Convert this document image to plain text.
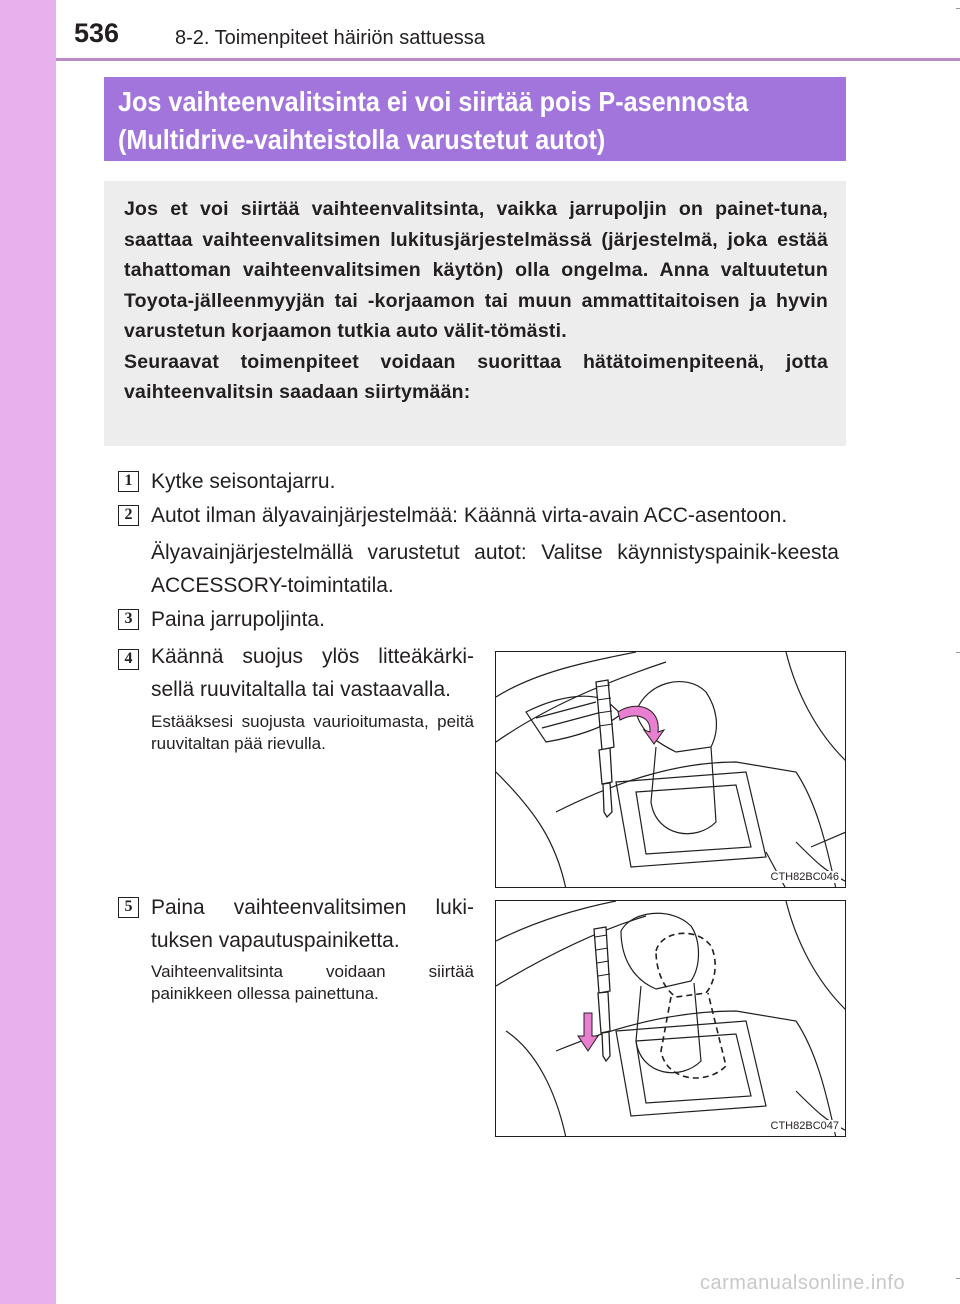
536	8-2. Toimenpiteet häiriön sattuessa
Jos vaihteenvalitsinta ei voi siirtää pois P-asennosta
(Multidrive-vaihteistolla varustetut autot)

Jos et voi siirtää vaihteenvalitsinta, vaikka jarrupoljin on painet-tuna, saattaa vaihteenvalitsimen lukitusjärjestelmässä (järjestelmä, joka estää tahattoman vaihteenvalitsimen käytön) olla ongelma. Anna valtuutetun Toyota-jälleenmyyjän tai -korjaamon tai muun ammattitaitoisen ja hyvin varustetun korjaamon tutkia auto välit-tömästi.

Seuraavat toimenpiteet voidaan suorittaa hätätoimenpiteenä, jotta vaihteenvalitsin saadaan siirtymään:

1 Kytke seisontajarru.
2 Autot ilman älyavainjärjestelmää: Käännä virta-avain ACC-asentoon.
Älyavainjärjestelmällä varustetut autot: Valitse käynnistyspainik-keesta ACCESSORY-toimintatila.
3 Paina jarrupoljinta.
4 Käännä suojus ylös litteäkärki-sellä ruuvitaltalla tai vastaavalla.
Estääksesi suojusta vaurioitumasta, peitä ruuvitaltan pää rievulla.
CTH82BC046
5 Paina vaihteenvalitsimen luki-tuksen vapautuspainiketta.
Vaihteenvalitsinta voidaan siirtää painikkeen ollessa painettuna.
CTH82BC047
carmanualsonline.info
